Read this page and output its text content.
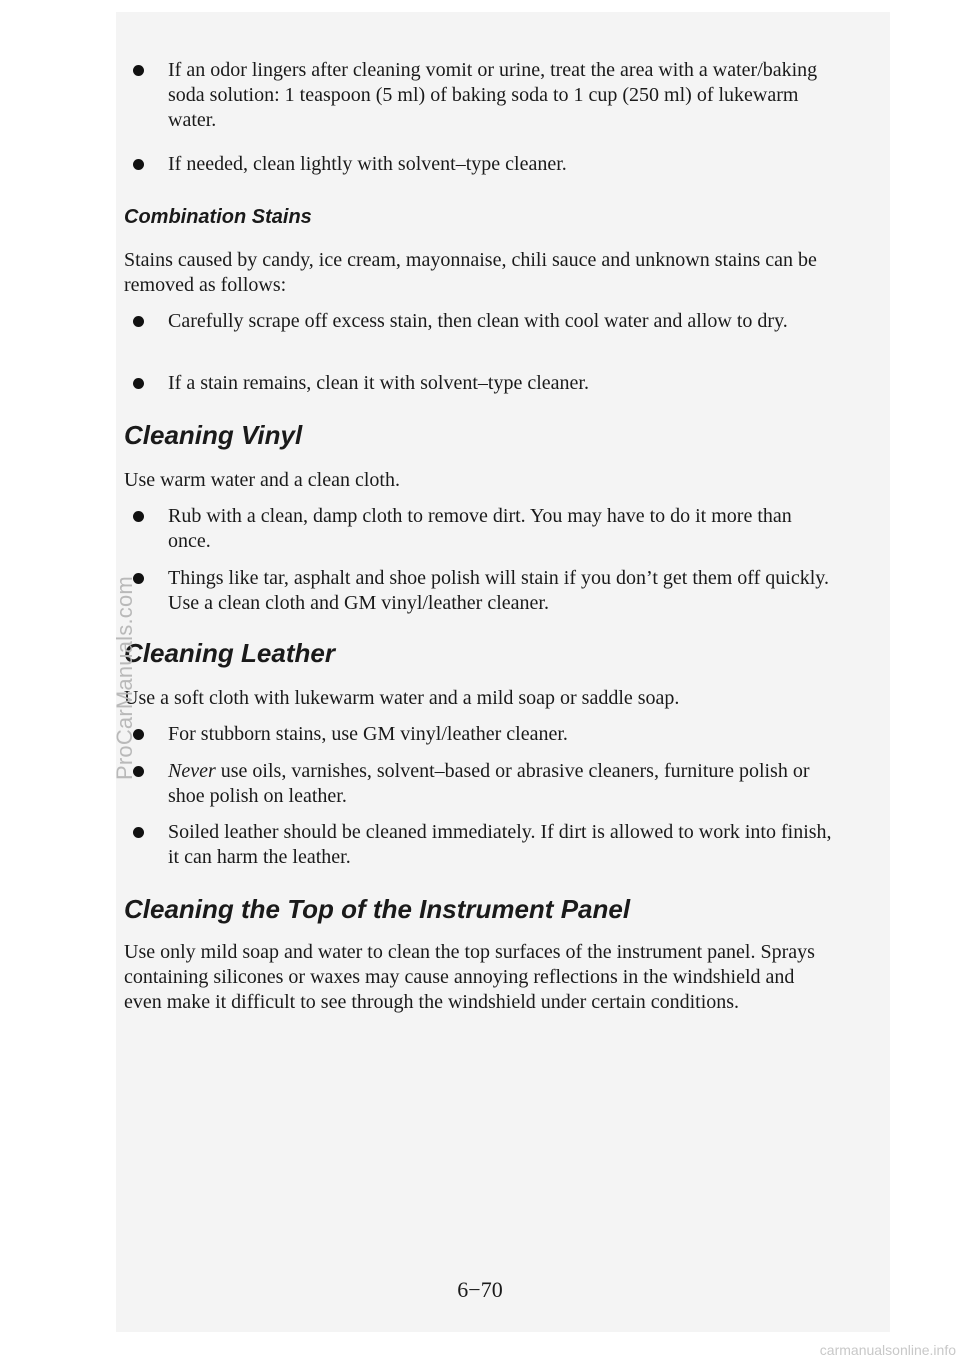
If an odor lingers after cleaning vomit or urine, treat the area with a water/baking soda solution: 1 teaspoon (5 ml) of baking soda to 1 cup (250 ml) of lukewarm water.
If needed, clean lightly with solvent–type cleaner.
Combination Stains

Stains caused by candy, ice cream, mayonnaise, chili sauce and unknown stains can be removed as follows:

Carefully scrape off excess stain, then clean with cool water and allow to dry.
If a stain remains, clean it with solvent–type cleaner.
Cleaning Vinyl

Use warm water and a clean cloth.

Rub with a clean, damp cloth to remove dirt. You may have to do it more than once.
Things like tar, asphalt and shoe polish will stain if you don’t get them off quickly. Use a clean cloth and GM vinyl/leather cleaner.
Cleaning Leather

Use a soft cloth with lukewarm water and a mild soap or saddle soap.

For stubborn stains, use GM vinyl/leather cleaner.
Never use oils, varnishes, solvent–based or abrasive cleaners, furniture polish or shoe polish on leather.
Soiled leather should be cleaned immediately. If dirt is allowed to work into finish, it can harm the leather.
Cleaning the Top of the Instrument Panel

Use only mild soap and water to clean the top surfaces of the instrument panel. Sprays containing silicones or waxes may cause annoying reflections in the windshield and even make it difficult to see through the windshield under certain conditions.

6−70
ProCarManuals.com
carmanualsonline.info
